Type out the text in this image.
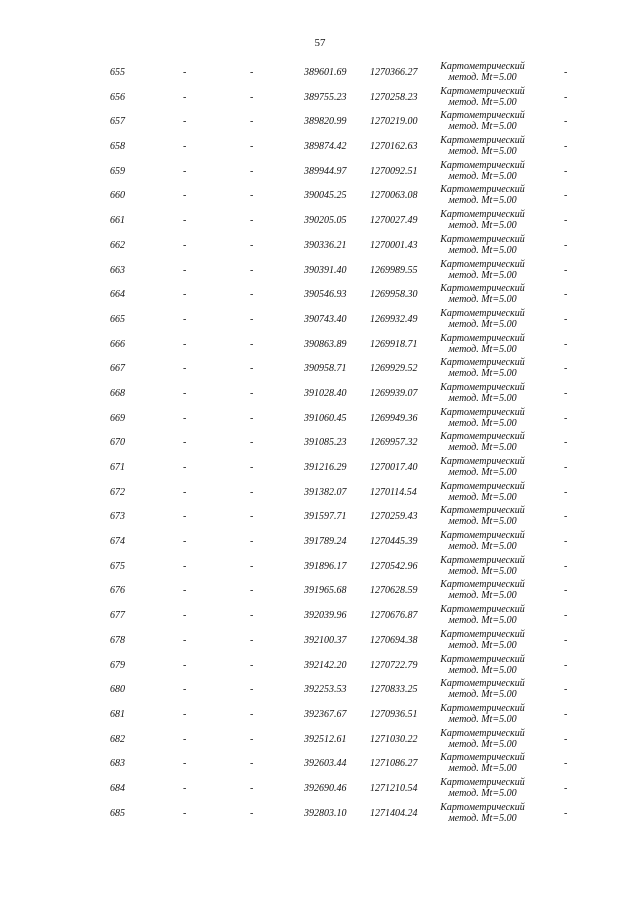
57
655	-	-	389601.69 1270366.27
Картометрический
метод. Mt=5.00	-
656	-	-	389755.23 1270258.23
Картометрический
метод. Mt=5.00	-
657	-	-	389820.99 1270219.00
Картометрический
метод. Mt=5.00	-
658	-	-	389874.42 1270162.63
Картометрический
метод. Mt=5.00	-
659	-	-	389944.97 1270092.51
Картометрический
метод. Mt=5.00	-
660	-	-	390045.25 1270063.08
Картометрический
метод. Mt=5.00	-
661	-	-	390205.05 1270027.49
Картометрический
метод. Mt=5.00	-
662	-	-	390336.21 1270001.43
Картометрический
метод. Mt=5.00	-
663	-	-	390391.40 1269989.55
Картометрический
метод. Mt=5.00	-
664	-	-	390546.93 1269958.30
Картометрический
метод. Mt=5.00	-
665	-	-	390743.40 1269932.49
Картометрический
метод. Mt=5.00	-
666	-	-	390863.89 1269918.71
Картометрический
метод. Mt=5.00	-
667	-	-	390958.71 1269929.52
Картометрический
метод. Mt=5.00	-
668	-	-	391028.40 1269939.07
Картометрический
метод. Mt=5.00	-
669	-	-	391060.45 1269949.36
Картометрический
метод. Mt=5.00	-
670	-	-	391085.23 1269957.32
Картометрический
метод. Mt=5.00	-
671	-	-	391216.29 1270017.40
Картометрический
метод. Mt=5.00	-
672	-	-	391382.07 1270114.54
Картометрический
метод. Mt=5.00	-
673	-	-	391597.71 1270259.43
Картометрический
метод. Mt=5.00	-
674	-	-	391789.24 1270445.39
Картометрический
метод. Mt=5.00	-
675	-	-	391896.17 1270542.96
Картометрический
метод. Mt=5.00	-
676	-	-	391965.68 1270628.59
Картометрический
метод. Mt=5.00	-
677	-	-	392039.96 1270676.87
Картометрический
метод. Mt=5.00	-
678	-	-	392100.37 1270694.38
Картометрический
метод. Mt=5.00	-
679	-	-	392142.20 1270722.79
Картометрический
метод. Mt=5.00	-
680	-	-	392253.53 1270833.25
Картометрический
метод. Mt=5.00	-
681	-	-	392367.67 1270936.51
Картометрический
метод. Mt=5.00	-
682	-	-	392512.61 1271030.22
Картометрический
метод. Mt=5.00	-
683	-	-	392603.44 1271086.27
Картометрический
метод. Mt=5.00	-
684	-	-	392690.46 1271210.54
Картометрический
метод. Mt=5.00	-
685	-	-	392803.10 1271404.24
Картометрический
метод. Mt=5.00	-
